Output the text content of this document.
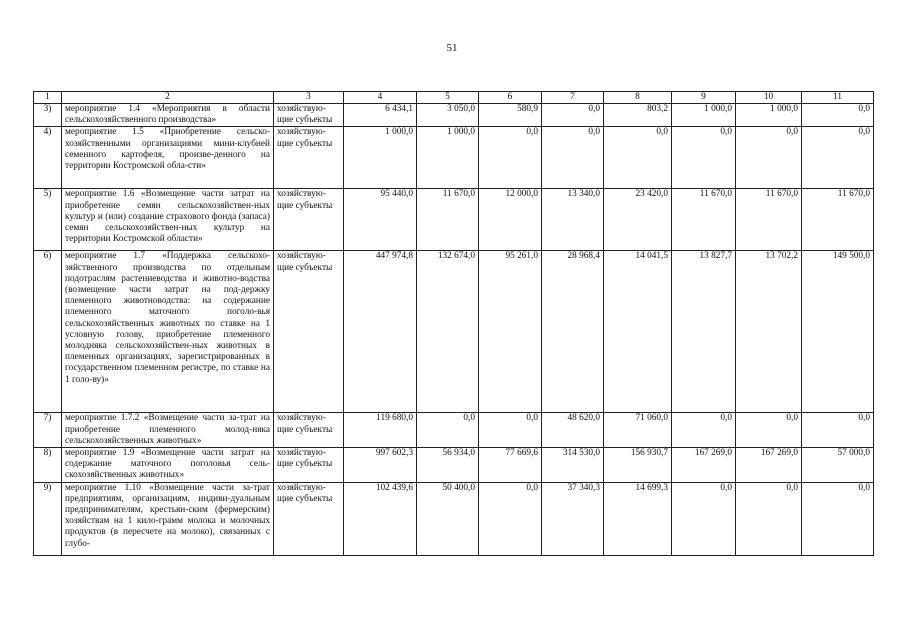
51
1	2	3	4	5	6	7	8	9	10	11
3)	мероприятие 1.4 «Мероприятия в области сельскохозяйственного производства»	хозяйствую-щие субъекты	6 434,1	3 050,0	580,9	0,0	803,2	1 000,0	1 000,0	0,0
4)	мероприятие 1.5 «Приобретение сельско-хозяйственными организациями мини-клубней семенного картофеля, произве-денного на территории Костромской обла-сти»	хозяйствую-щие субъекты	1 000,0	1 000,0	0,0	0,0	0,0	0,0	0,0	0,0
5)	мероприятие 1.6 «Возмещение части затрат на приобретение семян сельскохозяйствен-ных культур и (или) создание страхового фонда (запаса) семян сельскохозяйствен-ных культур на территории Костромской области»	хозяйствую-щие субъекты	95 440,0	11 670,0	12 000,0	13 340,0	23 420,0	11 670,0	11 670,0	11 670,0
6)	мероприятие 1.7 «Поддержка сельскохо-зяйственного производства по отдельным подотраслям растениеводства и животно-водства (возмещение части затрат на под-держку племенного животноводства: на содержание племенного маточного поголо-вья сельскохозяйственных животных по ставке на 1 условную голову, приобретение племенного молодняка сельскохозяйствен-ных животных в племенных организациях, зарегистрированных в государственном племенном регистре, по ставке на 1 голо-ву)»	хозяйствую-щие субъекты	447 974,8	132 674,0	95 261,0	28 968,4	14 041,5	13 827,7	13 702,2	149 500,0
7)	мероприятие 1.7.2 «Возмещение части за-трат на приобретение племенного молод-няка сельскохозяйственных животных»	хозяйствую-щие субъекты	119 680,0	0,0	0,0	48 620,0	71 060,0	0,0	0,0	0,0
8)	мероприятие 1.9 «Возмещение части затрат на содержание маточного поголовья сель-скохозяйственных животных»	хозяйствую-щие субъекты	997 602,3	56 934,0	77 669,6	314 530,0	156 930,7	167 269,0	167 269,0	57 000,0
9)	мероприятие 1.10 «Возмещение части за-трат предприятиям, организациям, индиви-дуальным предпринимателям, крестьян-ским (фермерским) хозяйствам на 1 кило-грамм молока и молочных продуктов (в пересчете на молоко), связанных с глубо-	хозяйствую-щие субъекты	102 439,6	50 400,0	0,0	37 340,3	14 699,3	0,0	0,0	0,0
